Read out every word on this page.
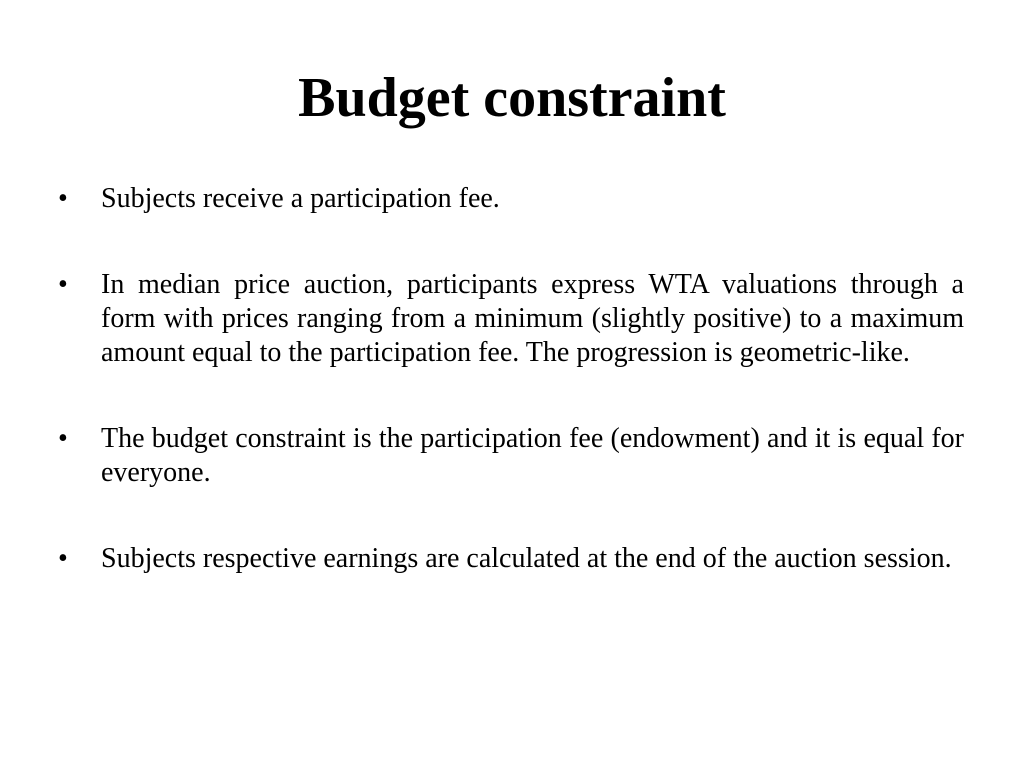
Budget constraint
•	Subjects receive a participation fee.
•	In median price auction, participants express WTA valuations through a form with prices ranging from a minimum (slightly positive) to a maximum amount equal to the participation fee. The progression is geometric-like.
•	The budget constraint is the participation fee (endowment) and it is equal for everyone.
•	Subjects respective earnings are calculated at the end of the auction session.
